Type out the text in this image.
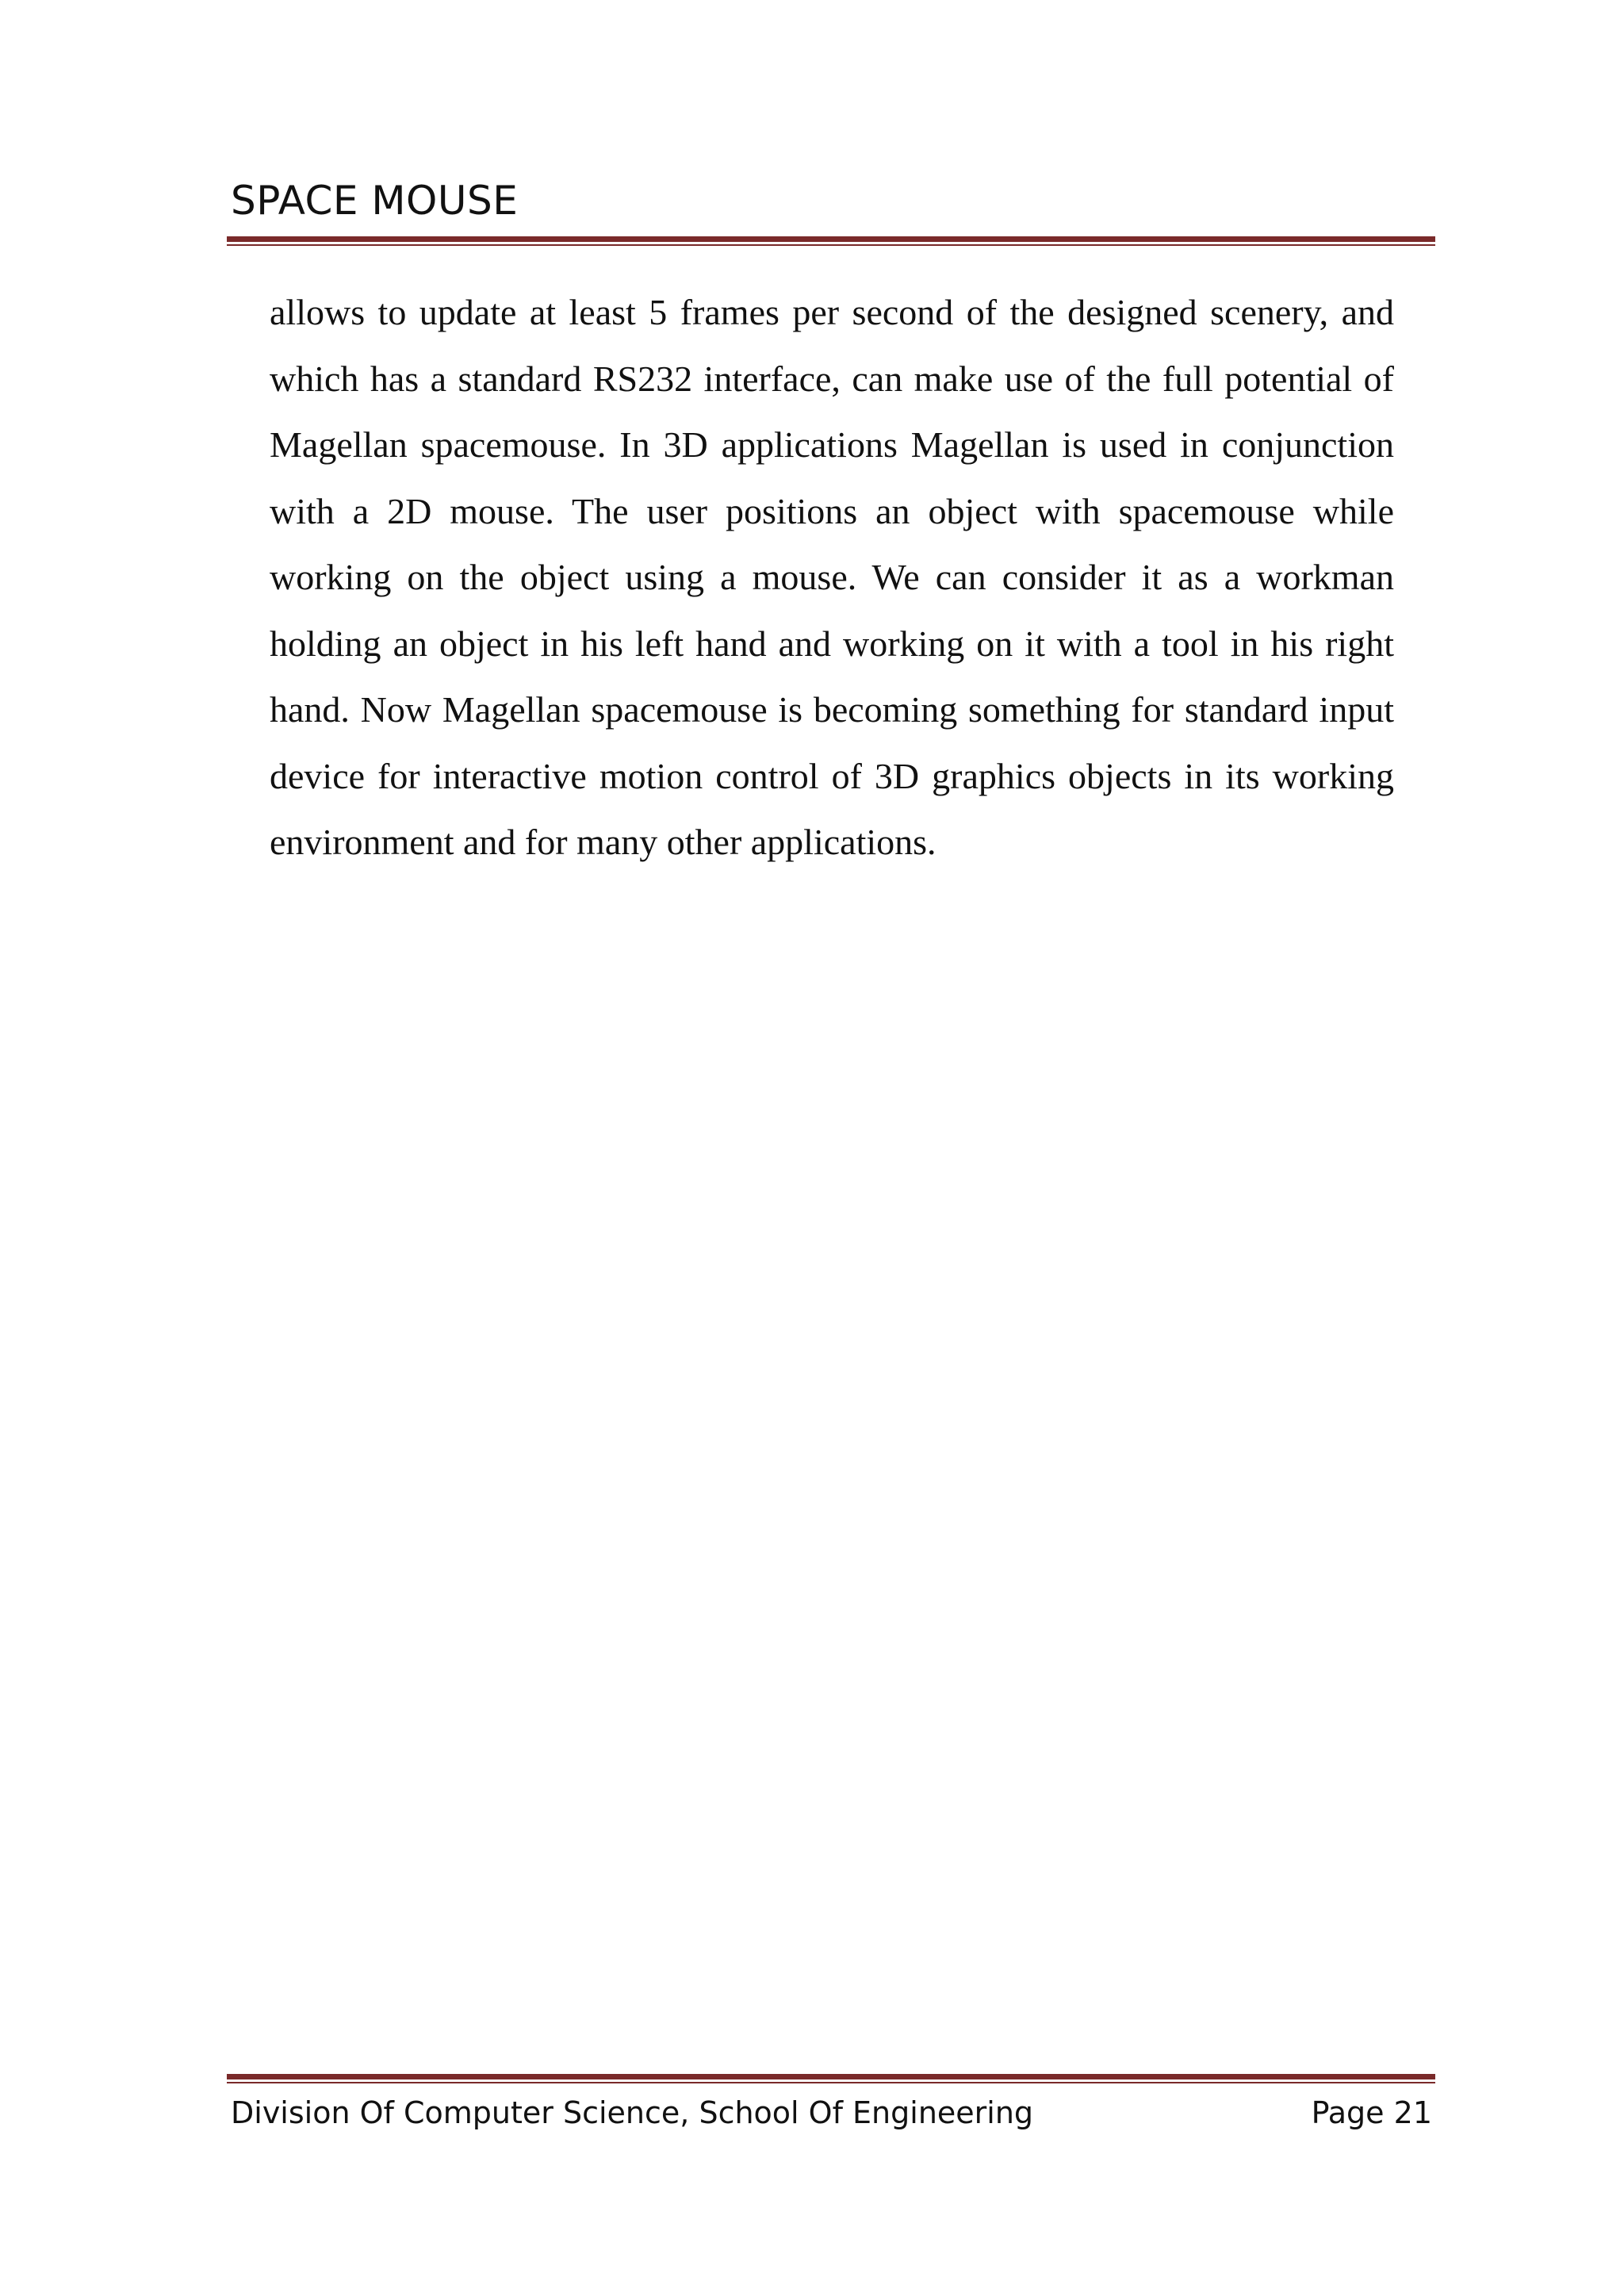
SPACE MOUSE

allows to update at least 5 frames per second of the designed scenery, and which has a standard RS232 interface, can make use of the full potential of Magellan spacemouse. In 3D applications Magellan is used in conjunction with a 2D mouse. The user positions an object with spacemouse while working on the object using a mouse. We can consider it as a workman holding an object in his left hand and working on it with a tool in his right hand. Now Magellan spacemouse is becoming something for standard input device for interactive motion control of 3D graphics objects in its working environment and for many other applications.

Division Of Computer Science, School Of Engineering	Page 21
